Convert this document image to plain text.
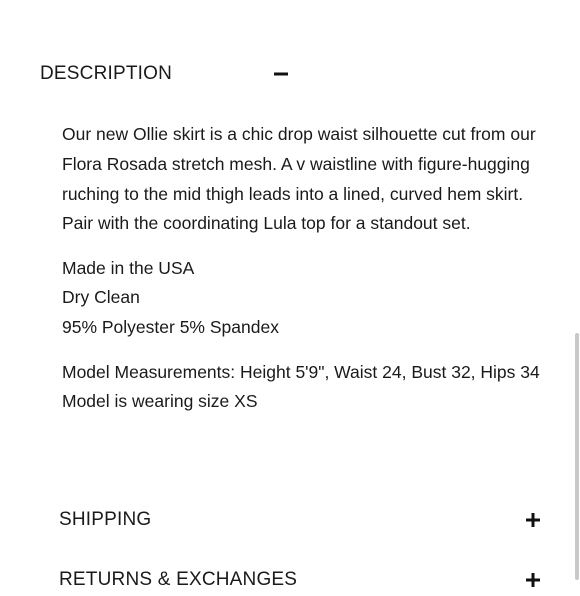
DESCRIPTION

Our new Ollie skirt is a chic drop waist silhouette cut from our Flora Rosada stretch mesh. A v waistline with figure-hugging ruching to the mid thigh leads into a lined, curved hem skirt. Pair with the coordinating Lula top for a standout set.

Made in the USA
Dry Clean
95% Polyester 5% Spandex

Model Measurements: Height 5'9", Waist 24, Bust 32, Hips 34
Model is wearing size XS

SHIPPING
RETURNS & EXCHANGES
